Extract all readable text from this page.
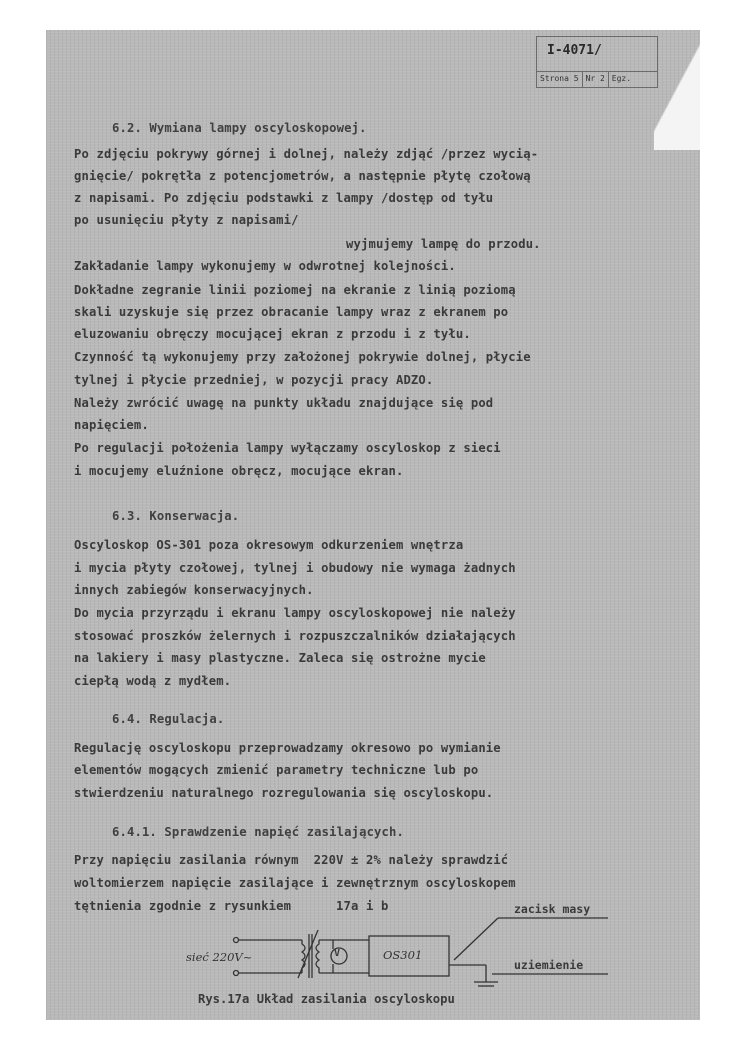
I-4071/
Strona 5 Nr 2 Egz.
6.2. Wymiana lampy oscyloskopowej.
Po zdjęciu pokrywy górnej i dolnej, należy zdjąć /przez wycią-
gnięcie/ pokrętła z potencjometrów, a następnie płytę czołową
z napisami. Po zdjęciu podstawki z lampy /dostęp od tyłu
po usunięciu płyty z napisami/
wyjmujemy lampę do przodu.
Zakładanie lampy wykonujemy w odwrotnej kolejności.
Dokładne zegranie linii poziomej na ekranie z linią poziomą
skali uzyskuje się przez obracanie lampy wraz z ekranem po
eluzowaniu obręczy mocującej ekran z przodu i z tyłu.
Czynność tą wykonujemy przy założonej pokrywie dolnej, płycie
tylnej i płycie przedniej, w pozycji pracy ADZO.
Należy zwrócić uwagę na punkty układu znajdujące się pod
napięciem.
Po regulacji położenia lampy wyłączamy oscyloskop z sieci
i mocujemy eluźnione obręcz, mocujące ekran.
6.3. Konserwacja.
Oscyloskop OS-301 poza okresowym odkurzeniem wnętrza
i mycia płyty czołowej, tylnej i obudowy nie wymaga żadnych
innych zabiegów konserwacyjnych.
Do mycia przyrządu i ekranu lampy oscyloskopowej nie należy
stosować proszków żelernych i rozpuszczalników działających
na lakiery i masy plastyczne. Zaleca się ostrożne mycie
ciepłą wodą z mydłem.
6.4. Regulacja.
Regulację oscyloskopu przeprowadzamy okresowo po wymianie
elementów mogących zmienić parametry techniczne lub po
stwierdzeniu naturalnego rozregulowania się oscyloskopu.
6.4.1. Sprawdzenie napięć zasilających.
Przy napięciu zasilania równym  220V ± 2% należy sprawdzić
woltomierzem napięcie zasilające i zewnętrznym oscyloskopem
tętnienia zgodnie z rysunkiem      17a i b
sieć 220V~	V	OS301
zacisk masy
uziemienie
Rys.17a Układ zasilania oscyloskopu
